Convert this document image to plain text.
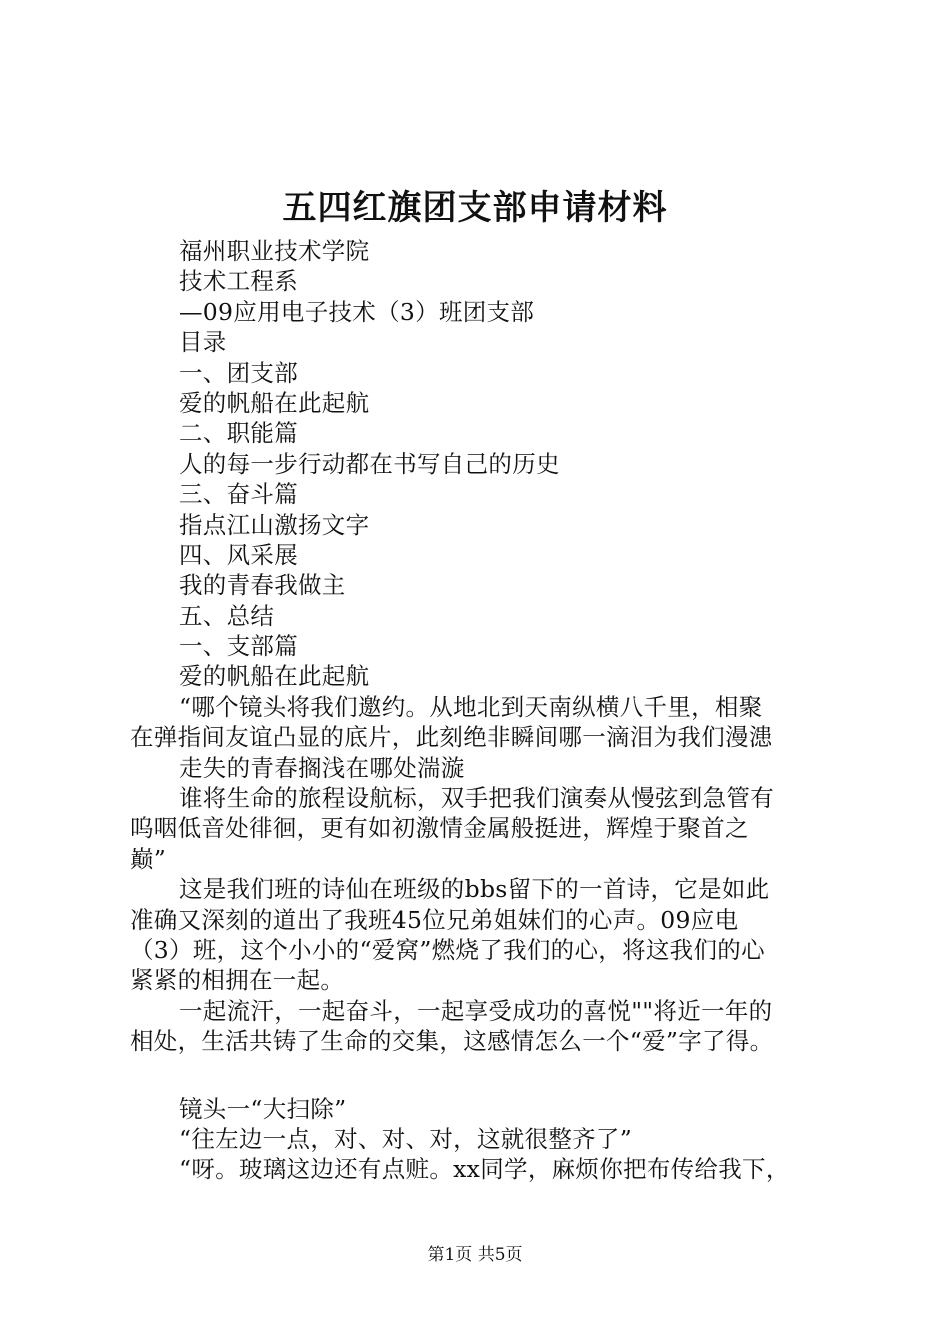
五四红旗团支部申请材料
福州职业技术学院
技术工程系
—09应用电子技术（3）班团支部
目录
一、团支部
爱的帆船在此起航
二、职能篇
人的每一步行动都在书写自己的历史
三、奋斗篇
指点江山激扬文字
四、风采展
我的青春我做主
五、总结
一、支部篇
爱的帆船在此起航
“哪个镜头将我们邀约。从地北到天南纵横八千里，相聚
在弹指间友谊凸显的底片，此刻绝非瞬间哪一滴泪为我们漫漶
走失的青春搁浅在哪处湍漩
谁将生命的旅程设航标，双手把我们演奏从慢弦到急管有
呜咽低音处徘徊，更有如初激情金属般挺进，辉煌于聚首之
巅”
这是我们班的诗仙在班级的bbs留下的一首诗，它是如此
准确又深刻的道出了我班45位兄弟姐妹们的心声。09应电
（3）班，这个小小的“爱窝”燃烧了我们的心，将这我们的心
紧紧的相拥在一起。
一起流汗，一起奋斗，一起享受成功的喜悦""将近一年的
相处，生活共铸了生命的交集，这感情怎么一个“爱”字了得。
镜头一“大扫除”
“往左边一点，对、对、对，这就很整齐了”
“呀。玻璃这边还有点赃。xx同学，麻烦你把布传给我下，
第1页 共5页
